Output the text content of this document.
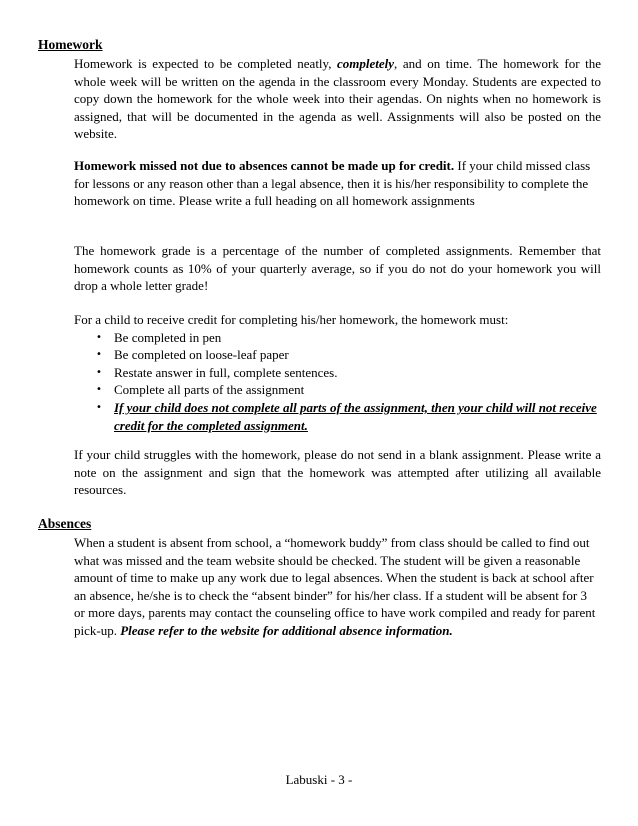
Homework

Homework is expected to be completed neatly, completely, and on time. The homework for the whole week will be written on the agenda in the classroom every Monday. Students are expected to copy down the homework for the whole week into their agendas. On nights when no homework is assigned, that will be documented in the agenda as well. Assignments will also be posted on the website.

Homework missed not due to absences cannot be made up for credit. If your child missed class for lessons or any reason other than a legal absence, then it is his/her responsibility to complete the homework on time. Please write a full heading on all homework assignments

The homework grade is a percentage of the number of completed assignments. Remember that homework counts as 10% of your quarterly average, so if you do not do your homework you will drop a whole letter grade!

For a child to receive credit for completing his/her homework, the homework must:

• Be completed in pen
• Be completed on loose-leaf paper
• Restate answer in full, complete sentences.
• Complete all parts of the assignment
• If your child does not complete all parts of the assignment, then your child will not receive credit for the completed assignment.

If your child struggles with the homework, please do not send in a blank assignment. Please write a note on the assignment and sign that the homework was attempted after utilizing all available resources.

Absences

When a student is absent from school, a “homework buddy” from class should be called to find out what was missed and the team website should be checked. The student will be given a reasonable amount of time to make up any work due to legal absences. When the student is back at school after an absence, he/she is to check the “absent binder” for his/her class. If a student will be absent for 3 or more days, parents may contact the counseling office to have work compiled and ready for parent pick-up. Please refer to the website for additional absence information.

Labuski - 3 -
